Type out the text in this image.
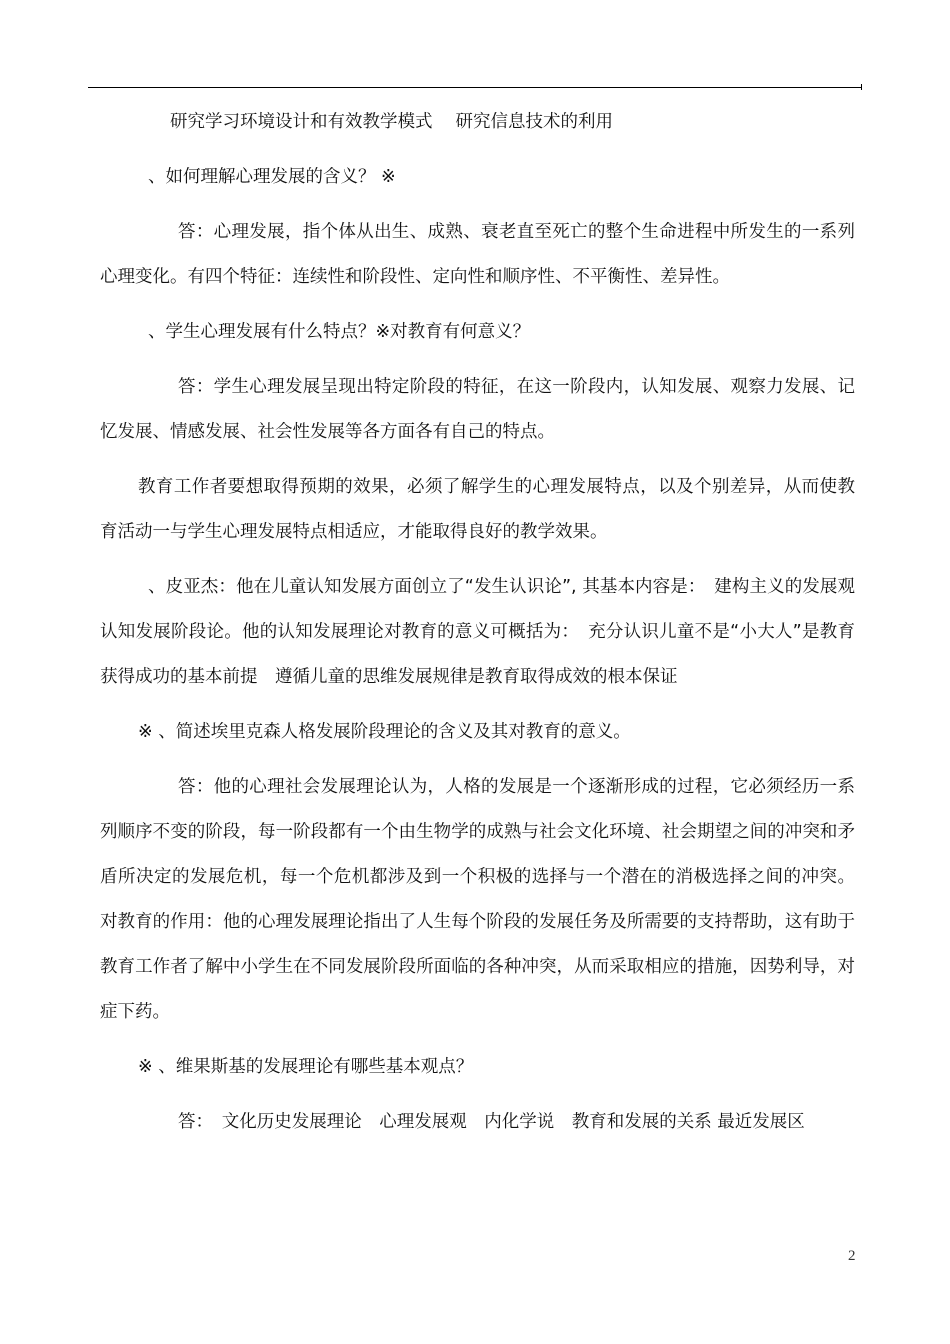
研究学习环境设计和有效教学模式　 研究信息技术的利用

、如何理解心理发展的含义？ ※

答：心理发展，指个体从出生、成熟、衰老直至死亡的整个生命进程中所发生的一系列心理变化。有四个特征：连续性和阶段性、定向性和顺序性、不平衡性、差异性。

、学生心理发展有什么特点？※对教育有何意义？

答：学生心理发展呈现出特定阶段的特征，在这一阶段内，认知发展、观察力发展、记忆发展、情感发展、社会性发展等各方面各有自己的特点。

教育工作者要想取得预期的效果，必须了解学生的心理发展特点，以及个别差异，从而使教育活动一与学生心理发展特点相适应，才能取得良好的教学效果。

、皮亚杰：他在儿童认知发展方面创立了“发生认识论”, 其基本内容是：　建构主义的发展观　认知发展阶段论。他的认知发展理论对教育的意义可概括为：　充分认识儿童不是“小大人”是教育获得成功的基本前提　遵循儿童的思维发展规律是教育取得成效的根本保证

※ 、简述埃里克森人格发展阶段理论的含义及其对教育的意义。

答：他的心理社会发展理论认为，人格的发展是一个逐渐形成的过程，它必须经历一系列顺序不变的阶段，每一阶段都有一个由生物学的成熟与社会文化环境、社会期望之间的冲突和矛盾所决定的发展危机，每一个危机都涉及到一个积极的选择与一个潜在的消极选择之间的冲突。 对教育的作用：他的心理发展理论指出了人生每个阶段的发展任务及所需要的支持帮助，这有助于教育工作者了解中小学生在不同发展阶段所面临的各种冲突，从而采取相应的措施，因势利导，对症下药。

※ 、维果斯基的发展理论有哪些基本观点？

答：　文化历史发展理论　心理发展观　内化学说　教育和发展的关系 最近发展区

2
